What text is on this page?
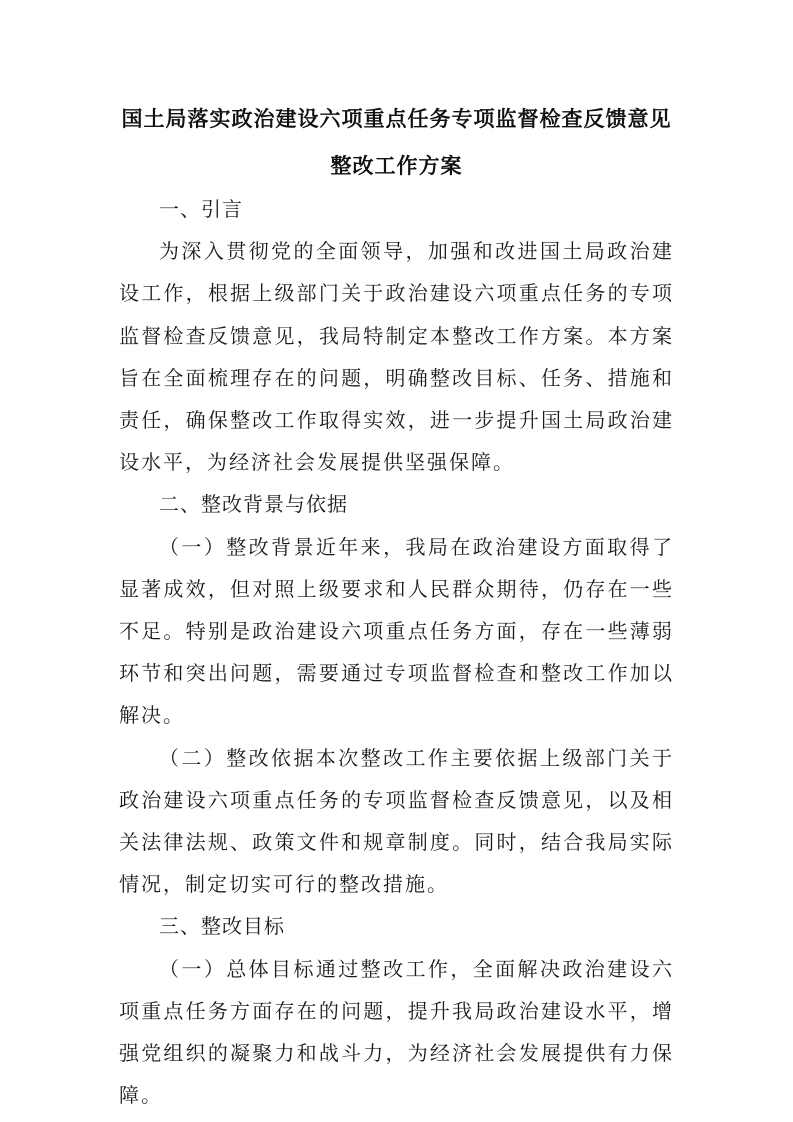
国土局落实政治建设六项重点任务专项监督检查反馈意见
整改工作方案

一、引言

为深入贯彻党的全面领导，加强和改进国土局政治建设工作，根据上级部门关于政治建设六项重点任务的专项监督检查反馈意见，我局特制定本整改工作方案。本方案旨在全面梳理存在的问题，明确整改目标、任务、措施和责任，确保整改工作取得实效，进一步提升国土局政治建设水平，为经济社会发展提供坚强保障。

二、整改背景与依据

（一）整改背景近年来，我局在政治建设方面取得了显著成效，但对照上级要求和人民群众期待，仍存在一些不足。特别是政治建设六项重点任务方面，存在一些薄弱环节和突出问题，需要通过专项监督检查和整改工作加以解决。

（二）整改依据本次整改工作主要依据上级部门关于政治建设六项重点任务的专项监督检查反馈意见，以及相关法律法规、政策文件和规章制度。同时，结合我局实际情况，制定切实可行的整改措施。

三、整改目标

（一）总体目标通过整改工作，全面解决政治建设六项重点任务方面存在的问题，提升我局政治建设水平，增强党组织的凝聚力和战斗力，为经济社会发展提供有力保障。
